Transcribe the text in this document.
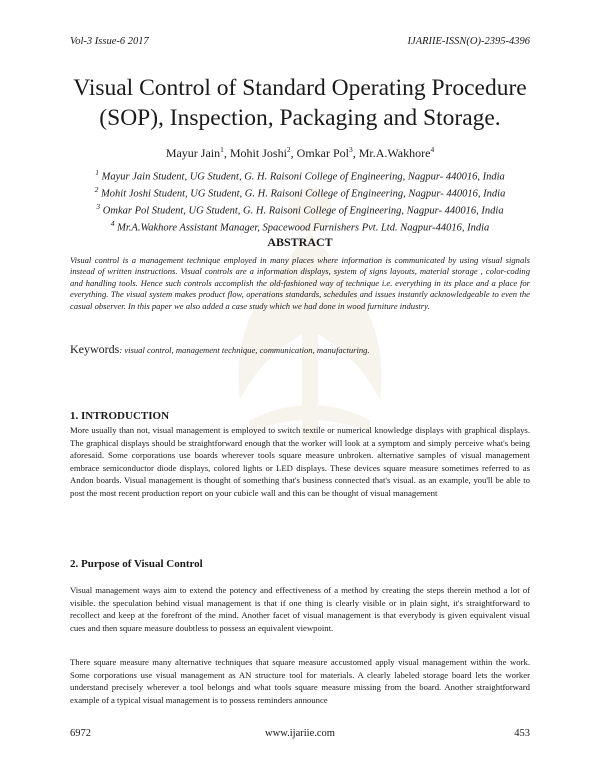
Vol-3 Issue-6 2017	IJARIIE-ISSN(O)-2395-4396
Visual Control of Standard Operating Procedure (SOP), Inspection, Packaging and Storage.
Mayur Jain$^1$, Mohit Joshi$^2$, Omkar Pol$^3$, Mr.A.Wakhore$^4$
$^1$ Mayur Jain Student, UG Student, G. H. Raisoni College of Engineering, Nagpur- 440016, India
$^2$ Mohit Joshi Student, UG Student, G. H. Raisoni College of Engineering, Nagpur- 440016, India
$^3$ Omkar Pol Student, UG Student, G. H. Raisoni College of Engineering, Nagpur- 440016, India
$^4$ Mr.A.Wakhore Assistant Manager, Spacewood Furnishers Pvt. Ltd. Nagpur-44016, India
ABSTRACT
Visual control is a management technique employed in many places where information is communicated by using visual signals instead of written instructions. Visual controls are a information displays, system of signs layouts, material storage , color-coding and handling tools. Hence such controls accomplish the old-fashioned way of technique i.e. everything in its place and a place for everything. The visual system makes product flow, operations standards, schedules and issues instantly acknowledgeable to even the casual observer. In this paper we also added a case study which we had done in wood furniture industry.
Keywords: visual control, management technique, communication, manufacturing.
1. INTRODUCTION
More usually than not, visual management is employed to switch textile or numerical knowledge displays with graphical displays. The graphical displays should be straightforward enough that the worker will look at a symptom and simply perceive what's being aforesaid. Some corporations use boards wherever tools square measure unbroken. alternative samples of visual management embrace semiconductor diode displays, colored lights or LED displays. These devices square measure sometimes referred to as Andon boards. Visual management is thought of something that's business connected that's visual. as an example, you'll be able to post the most recent production report on your cubicle wall and this can be thought of visual management
2. Purpose of Visual Control
Visual management ways aim to extend the potency and effectiveness of a method by creating the steps therein method a lot of visible. the speculation behind visual management is that if one thing is clearly visible or in plain sight, it's straightforward to recollect and keep at the forefront of the mind. Another facet of visual management is that everybody is given equivalent visual cues and then square measure doubtless to possess an equivalent viewpoint.
There square measure many alternative techniques that square measure accustomed apply visual management within the work. Some corporations use visual management as AN structure tool for materials. A clearly labeled storage board lets the worker understand precisely wherever a tool belongs and what tools square measure missing from the board. Another straightforward example of a typical visual management is to possess reminders announce
6972	www.ijariie.com	453
